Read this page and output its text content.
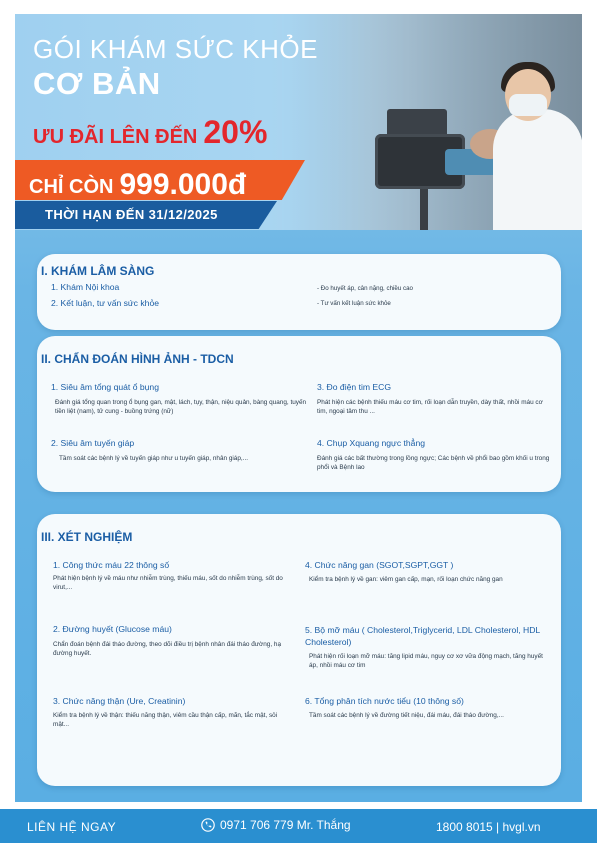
GÓI KHÁM SỨC KHỎE
CƠ BẢN
ƯU ĐÃI LÊN ĐẾN 20%
CHỈ CÒN 999.000đ
THỜI HẠN ĐẾN 31/12/2025
I. KHÁM LÂM SÀNG
1. Khám Nội khoa
2. Kết luận, tư vấn sức khỏe
- Đo huyết áp, cân nặng, chiều cao
- Tư vấn kết luận sức khỏe
II. CHẨN ĐOÁN HÌNH ẢNH - TDCN
1. Siêu âm tổng quát ổ bụng
Đánh giá tổng quan trong ổ bụng gan, mật, lách, tụy, thận, niệu quản, bàng quang, tuyến tiền liệt (nam), tử cung - buồng trứng (nữ)
2. Siêu âm tuyến giáp
Tầm soát các bệnh lý về tuyến giáp như u tuyến giáp, nhân giáp,...
3. Đo điện tim ECG
Phát hiện các bệnh thiếu máu cơ tim, rối loạn dẫn truyền, dày thất, nhồi máu cơ tim, ngoại tâm thu ...
4. Chụp Xquang ngực thẳng
Đánh giá các bất thường trong lồng ngực; Các bệnh về phổi bao gồm khối u trong phổi và Bệnh lao
III. XÉT NGHIỆM
1. Công thức máu 22 thông số
Phát hiện bệnh lý về máu như nhiễm trùng, thiếu máu, sốt do nhiễm trùng, sốt do virut,...
2. Đường huyết (Glucose máu)
Chẩn đoán bệnh đái tháo đường, theo dõi điều trị bệnh nhân đái tháo đường, hạ đường huyết.
3. Chức năng thận (Ure, Creatinin)
Kiểm tra bệnh lý về thận: thiếu năng thận, viêm cầu thận cấp, mãn, tắc mật, sỏi mật...
4. Chức năng gan (SGOT,SGPT,GGT )
Kiểm tra bệnh lý về gan: viêm gan cấp, mạn, rối loạn chức năng gan
5. Bộ mỡ máu ( Cholesterol,Triglycerid, LDL Cholesterol, HDL Cholesterol)
Phát hiện rối loạn mỡ máu: tăng lipid máu, nguy cơ xơ vữa động mạch, tăng huyết áp, nhồi máu cơ tim
6. Tổng phân tích nước tiểu (10 thông số)
Tầm soát các bệnh lý về đường tiết niệu, đái máu, đái tháo đường,...
LIÊN HỆ NGAY	0971 706 779 Mr. Thắng	1800 8015 | hvgl.vn
